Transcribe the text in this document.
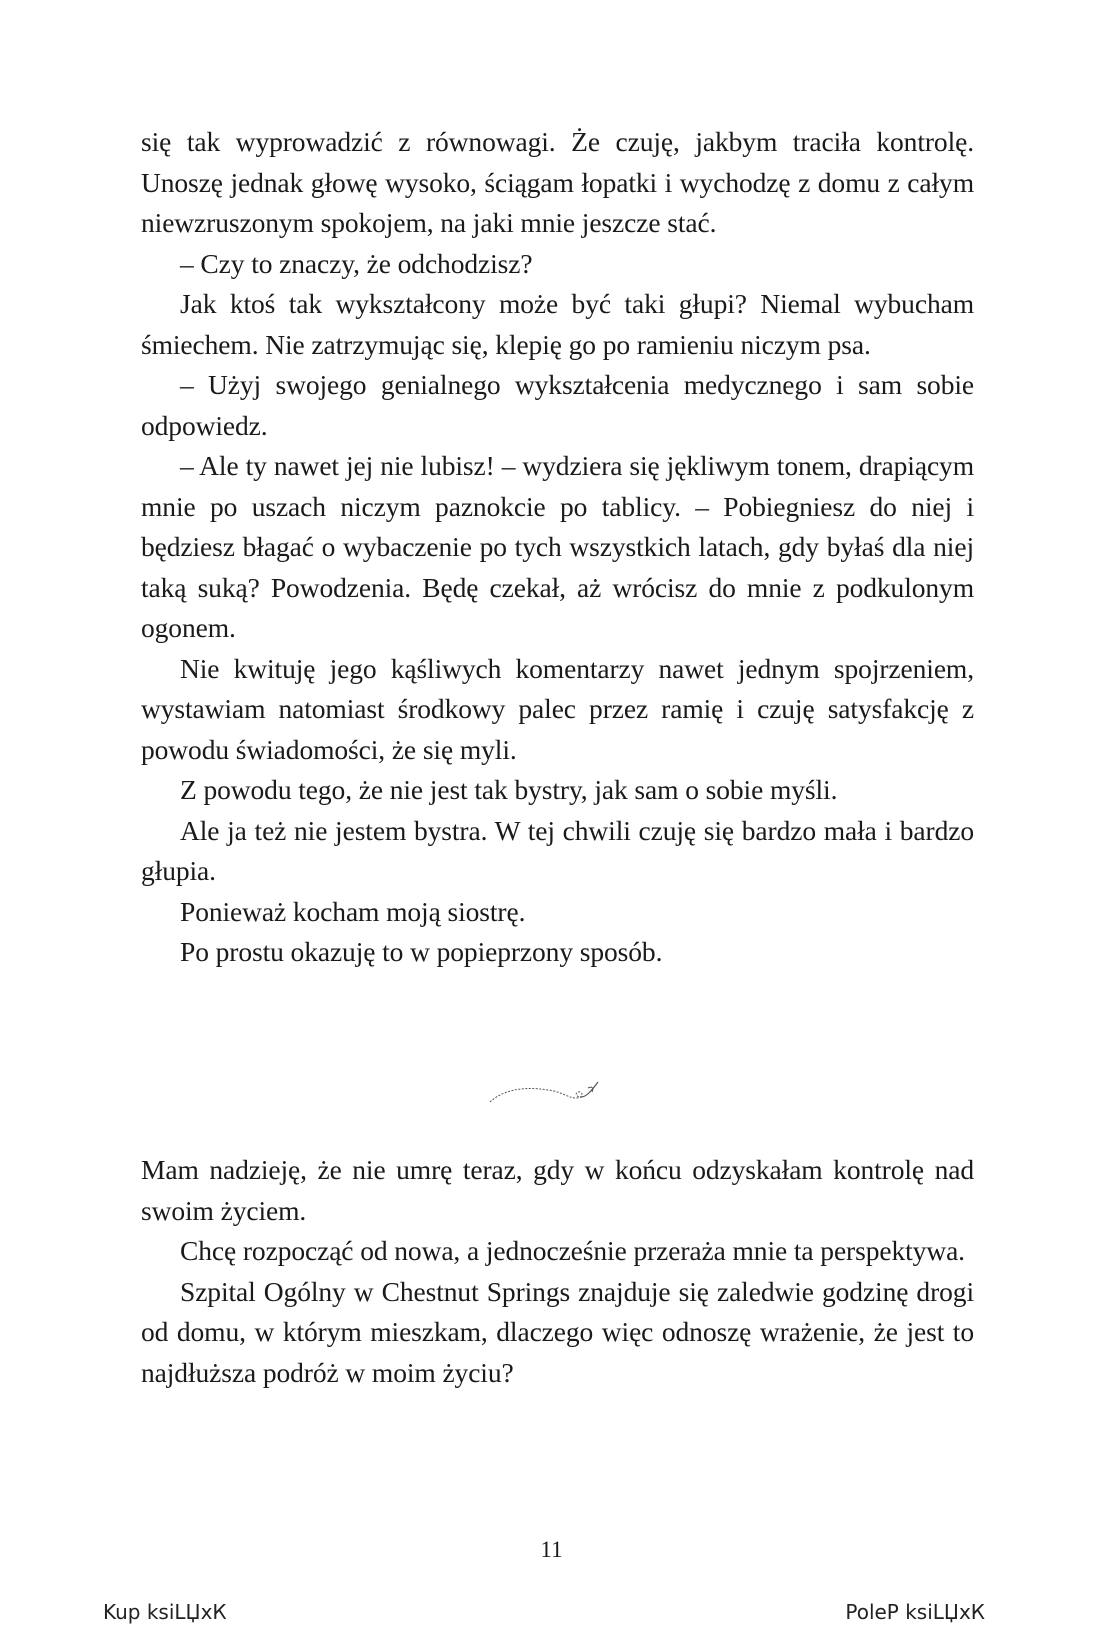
się tak wyprowadzić z równowagi. Że czuję, jakbym traciła kontrolę. Unoszę jednak głowę wysoko, ściągam łopatki i wychodzę z domu z całym niewzruszonym spokojem, na jaki mnie jeszcze stać.

– Czy to znaczy, że odchodzisz?

Jak ktoś tak wykształcony może być taki głupi? Niemal wybucham śmiechem. Nie zatrzymując się, klepię go po ramieniu niczym psa.

– Użyj swojego genialnego wykształcenia medycznego i sam sobie odpowiedz.

– Ale ty nawet jej nie lubisz! – wydziera się jękliwym tonem, drapiącym mnie po uszach niczym paznokcie po tablicy. – Pobiegniesz do niej i będziesz błagać o wybaczenie po tych wszystkich latach, gdy byłaś dla niej taką suką? Powodzenia. Będę czekał, aż wrócisz do mnie z podkulonym ogonem.

Nie kwituję jego kąśliwych komentarzy nawet jednym spojrzeniem, wystawiam natomiast środkowy palec przez ramię i czuję satysfakcję z powodu świadomości, że się myli.

Z powodu tego, że nie jest tak bystry, jak sam o sobie myśli.

Ale ja też nie jestem bystra. W tej chwili czuję się bardzo mała i bardzo głupia.

Ponieważ kocham moją siostrę.

Po prostu okazuję to w popieprzony sposób.

Mam nadzieję, że nie umrę teraz, gdy w końcu odzyskałam kontrolę nad swoim życiem.

Chcę rozpocząć od nowa, a jednocześnie przeraża mnie ta perspektywa.

Szpital Ogólny w Chestnut Springs znajduje się zaledwie godzinę drogi od domu, w którym mieszkam, dlaczego więc odnoszę wrażenie, że jest to najdłuższa podróż w moim życiu?

11
Kup ksiLЏxК	PoleP ksiLЏxК
